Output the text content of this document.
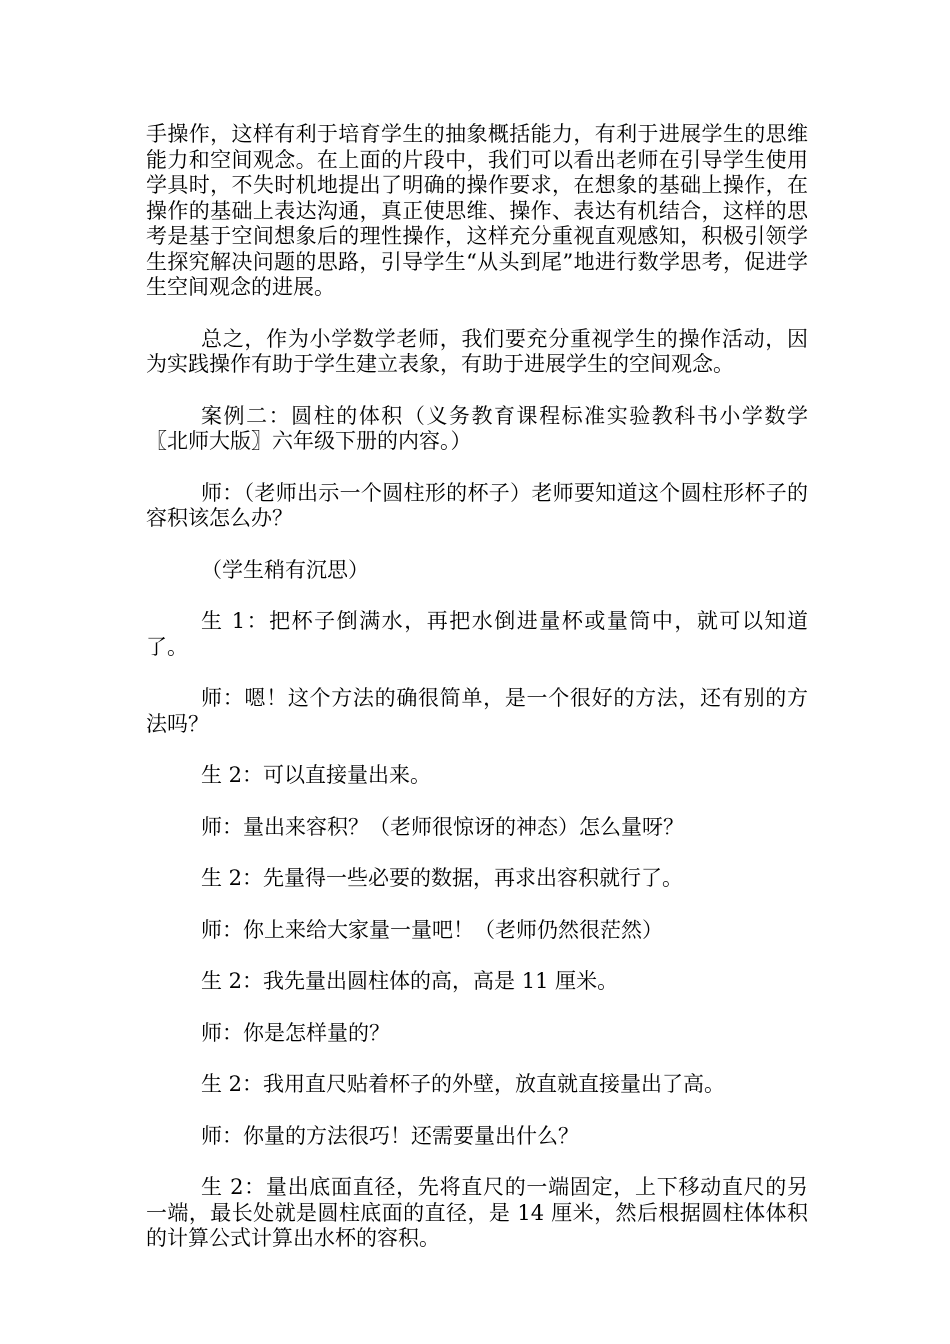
手操作，这样有利于培育学生的抽象概括能力，有利于进展学生的思维能力和空间观念。在上面的片段中，我们可以看出老师在引导学生使用学具时，不失时机地提出了明确的操作要求，在想象的基础上操作，在操作的基础上表达沟通，真正使思维、操作、表达有机结合，这样的思考是基于空间想象后的理性操作，这样充分重视直观感知，积极引领学生探究解决问题的思路，引导学生“从头到尾”地进行数学思考，促进学生空间观念的进展。

总之，作为小学数学老师，我们要充分重视学生的操作活动，因为实践操作有助于学生建立表象，有助于进展学生的空间观念。

案例二：圆柱的体积（义务教育课程标准实验教科书小学数学〖北师大版〗六年级下册的内容。）

师：（老师出示一个圆柱形的杯子）老师要知道这个圆柱形杯子的容积该怎么办？

（学生稍有沉思）

生 1：把杯子倒满水，再把水倒进量杯或量筒中，就可以知道了。

师：嗯！这个方法的确很简单，是一个很好的方法，还有别的方法吗？

生 2：可以直接量出来。

师：量出来容积？（老师很惊讶的神态）怎么量呀？

生 2：先量得一些必要的数据，再求出容积就行了。

师：你上来给大家量一量吧！（老师仍然很茫然）

生 2：我先量出圆柱体的高，高是 11 厘米。

师：你是怎样量的？

生 2：我用直尺贴着杯子的外壁，放直就直接量出了高。

师：你量的方法很巧！还需要量出什么？

生 2：量出底面直径，先将直尺的一端固定，上下移动直尺的另一端，最长处就是圆柱底面的直径，是 14 厘米，然后根据圆柱体体积的计算公式计算出水杯的容积。
